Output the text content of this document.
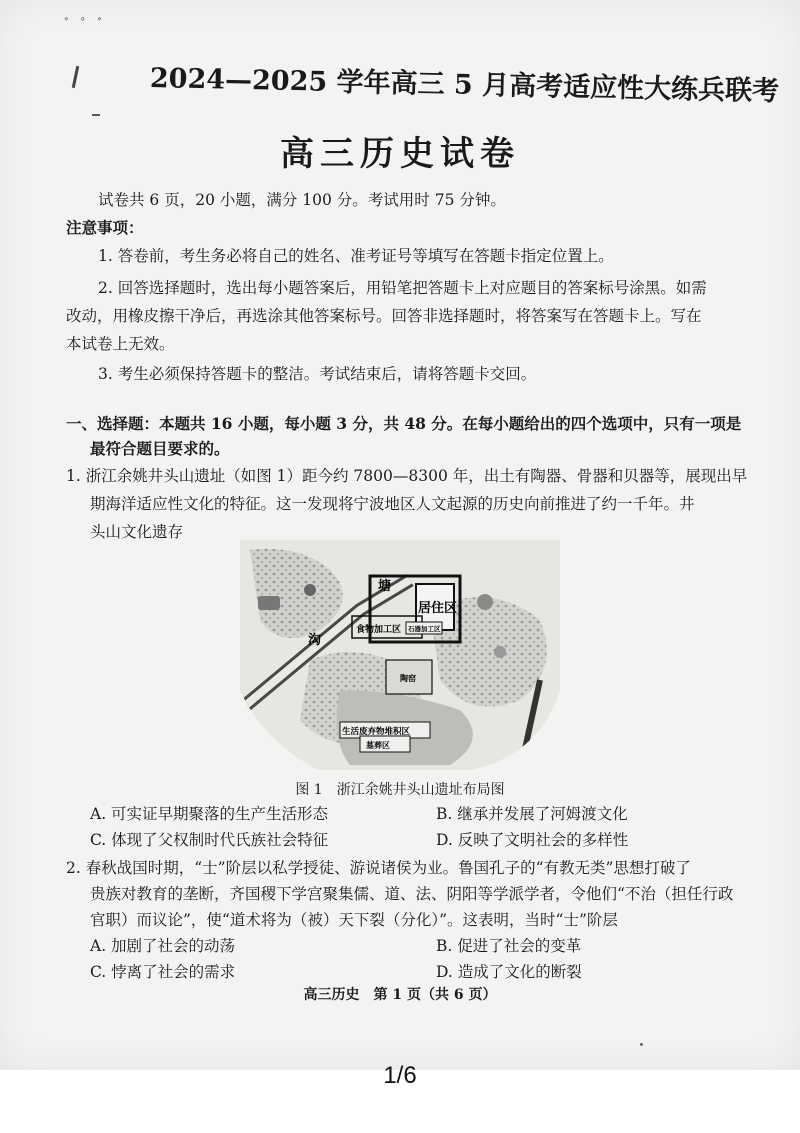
ﾞ ﾟ ﾞ
2024—2025 学年高三 5 月高考适应性大练兵联考
高三历史试卷
试卷共 6 页，20 小题，满分 100 分。考试用时 75 分钟。
注意事项：
1. 答卷前，考生务必将自己的姓名、准考证号等填写在答题卡指定位置上。
2. 回答选择题时，选出每小题答案后，用铅笔把答题卡上对应题目的答案标号涂黑。如需
改动，用橡皮擦干净后，再选涂其他答案标号。回答非选择题时，将答案写在答题卡上。写在
本试卷上无效。
3. 考生必须保持答题卡的整洁。考试结束后，请将答题卡交回。
一、选择题：本题共 16 小题，每小题 3 分，共 48 分。在每小题给出的四个选项中，只有一项是
最符合题目要求的。
1. 浙江余姚井头山遗址（如图 1）距今约 7800—8300 年，出土有陶器、骨器和贝器等，展现出早
期海洋适应性文化的特征。这一发现将宁波地区人文起源的历史向前推进了约一千年。井
头山文化遗存
塘
沟
居住区
食物加工区 石器加工区
陶窑
生活废弃物堆积区
墓葬区
图 1　浙江余姚井头山遗址布局图
A. 可实证早期聚落的生产生活形态	B. 继承并发展了河姆渡文化
C. 体现了父权制时代氏族社会特征	D. 反映了文明社会的多样性
2. 春秋战国时期，“士”阶层以私学授徒、游说诸侯为业。鲁国孔子的“有教无类”思想打破了
贵族对教育的垄断，齐国稷下学宫聚集儒、道、法、阴阳等学派学者，令他们“不治（担任行政
官职）而议论”，使“道术将为（被）天下裂（分化）”。这表明，当时“士”阶层
A. 加剧了社会的动荡	B. 促进了社会的变革
C. 悖离了社会的需求	D. 造成了文化的断裂
高三历史　第 1 页（共 6 页）
1/6
